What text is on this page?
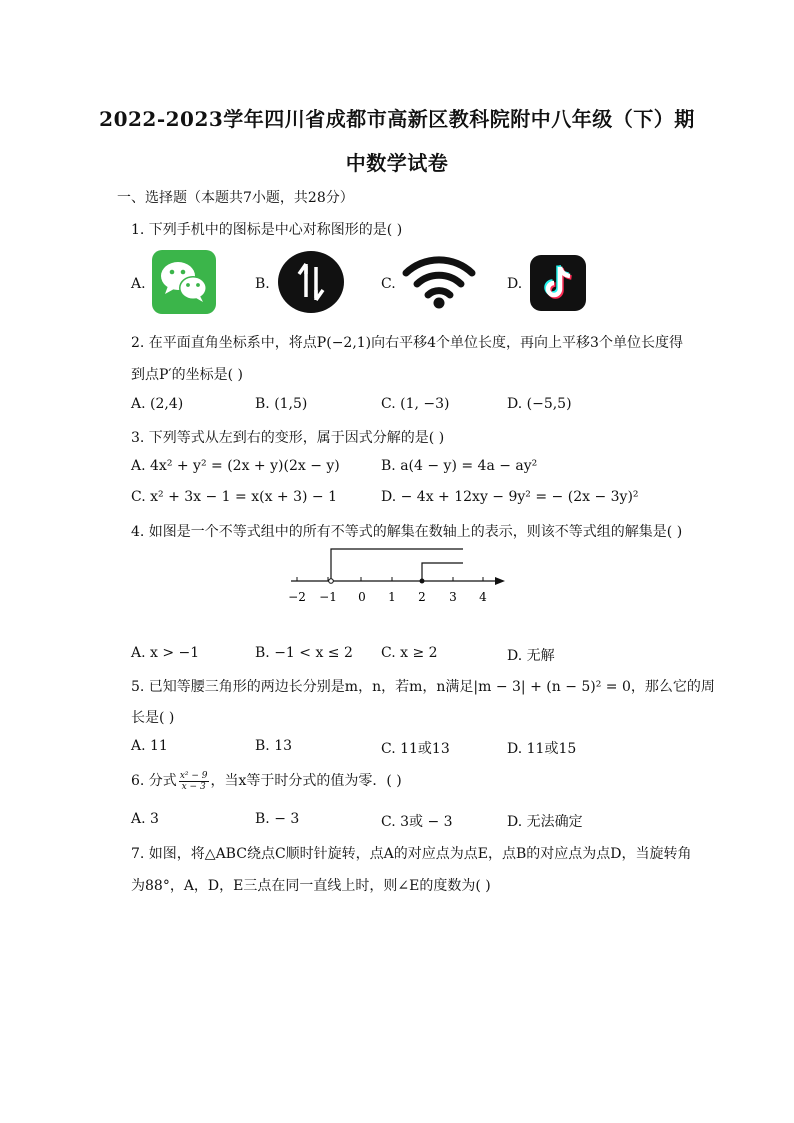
2022-2023学年四川省成都市高新区教科院附中八年级（下）期
中数学试卷
一、选择题（本题共7小题，共28分）
1. 下列手机中的图标是中心对称图形的是( )
A.	B.	C.	D.
2. 在平面直角坐标系中，将点P(−2,1)向右平移4个单位长度，再向上平移3个单位长度得
到点P′的坐标是( )
A. (2,4)	B. (1,5)	C. (1, −3)	D. (−5,5)
3. 下列等式从左到右的变形，属于因式分解的是( )
A. 4x² + y² = (2x + y)(2x − y)	B. a(4 − y) = 4a − ay²
C. x² + 3x − 1 = x(x + 3) − 1	D. − 4x + 12xy − 9y² = − (2x − 3y)²
4. 如图是一个不等式组中的所有不等式的解集在数轴上的表示，则该不等式组的解集是( )
−2 −1 0 1 2 3 4
A. x > −1	B. −1 < x ≤ 2 C. x ≥ 2	D. 无解
5. 已知等腰三角形的两边长分别是m，n，若m，n满足|m − 3| + (n − 5)² = 0，那么它的周
长是( )
A. 11	B. 13	C. 11或13	D. 11或15
6. 分式 $\frac{\text{x² − 9}}{x - 3}$ ，当x等于时分式的值为零．( )
A. 3	B. − 3	C. 3或 − 3	D. 无法确定
7. 如图，将△ABC绕点C顺时针旋转，点A的对应点为点E，点B的对应点为点D，当旋转角
为88°，A，D，E三点在同一直线上时，则∠E的度数为( )
